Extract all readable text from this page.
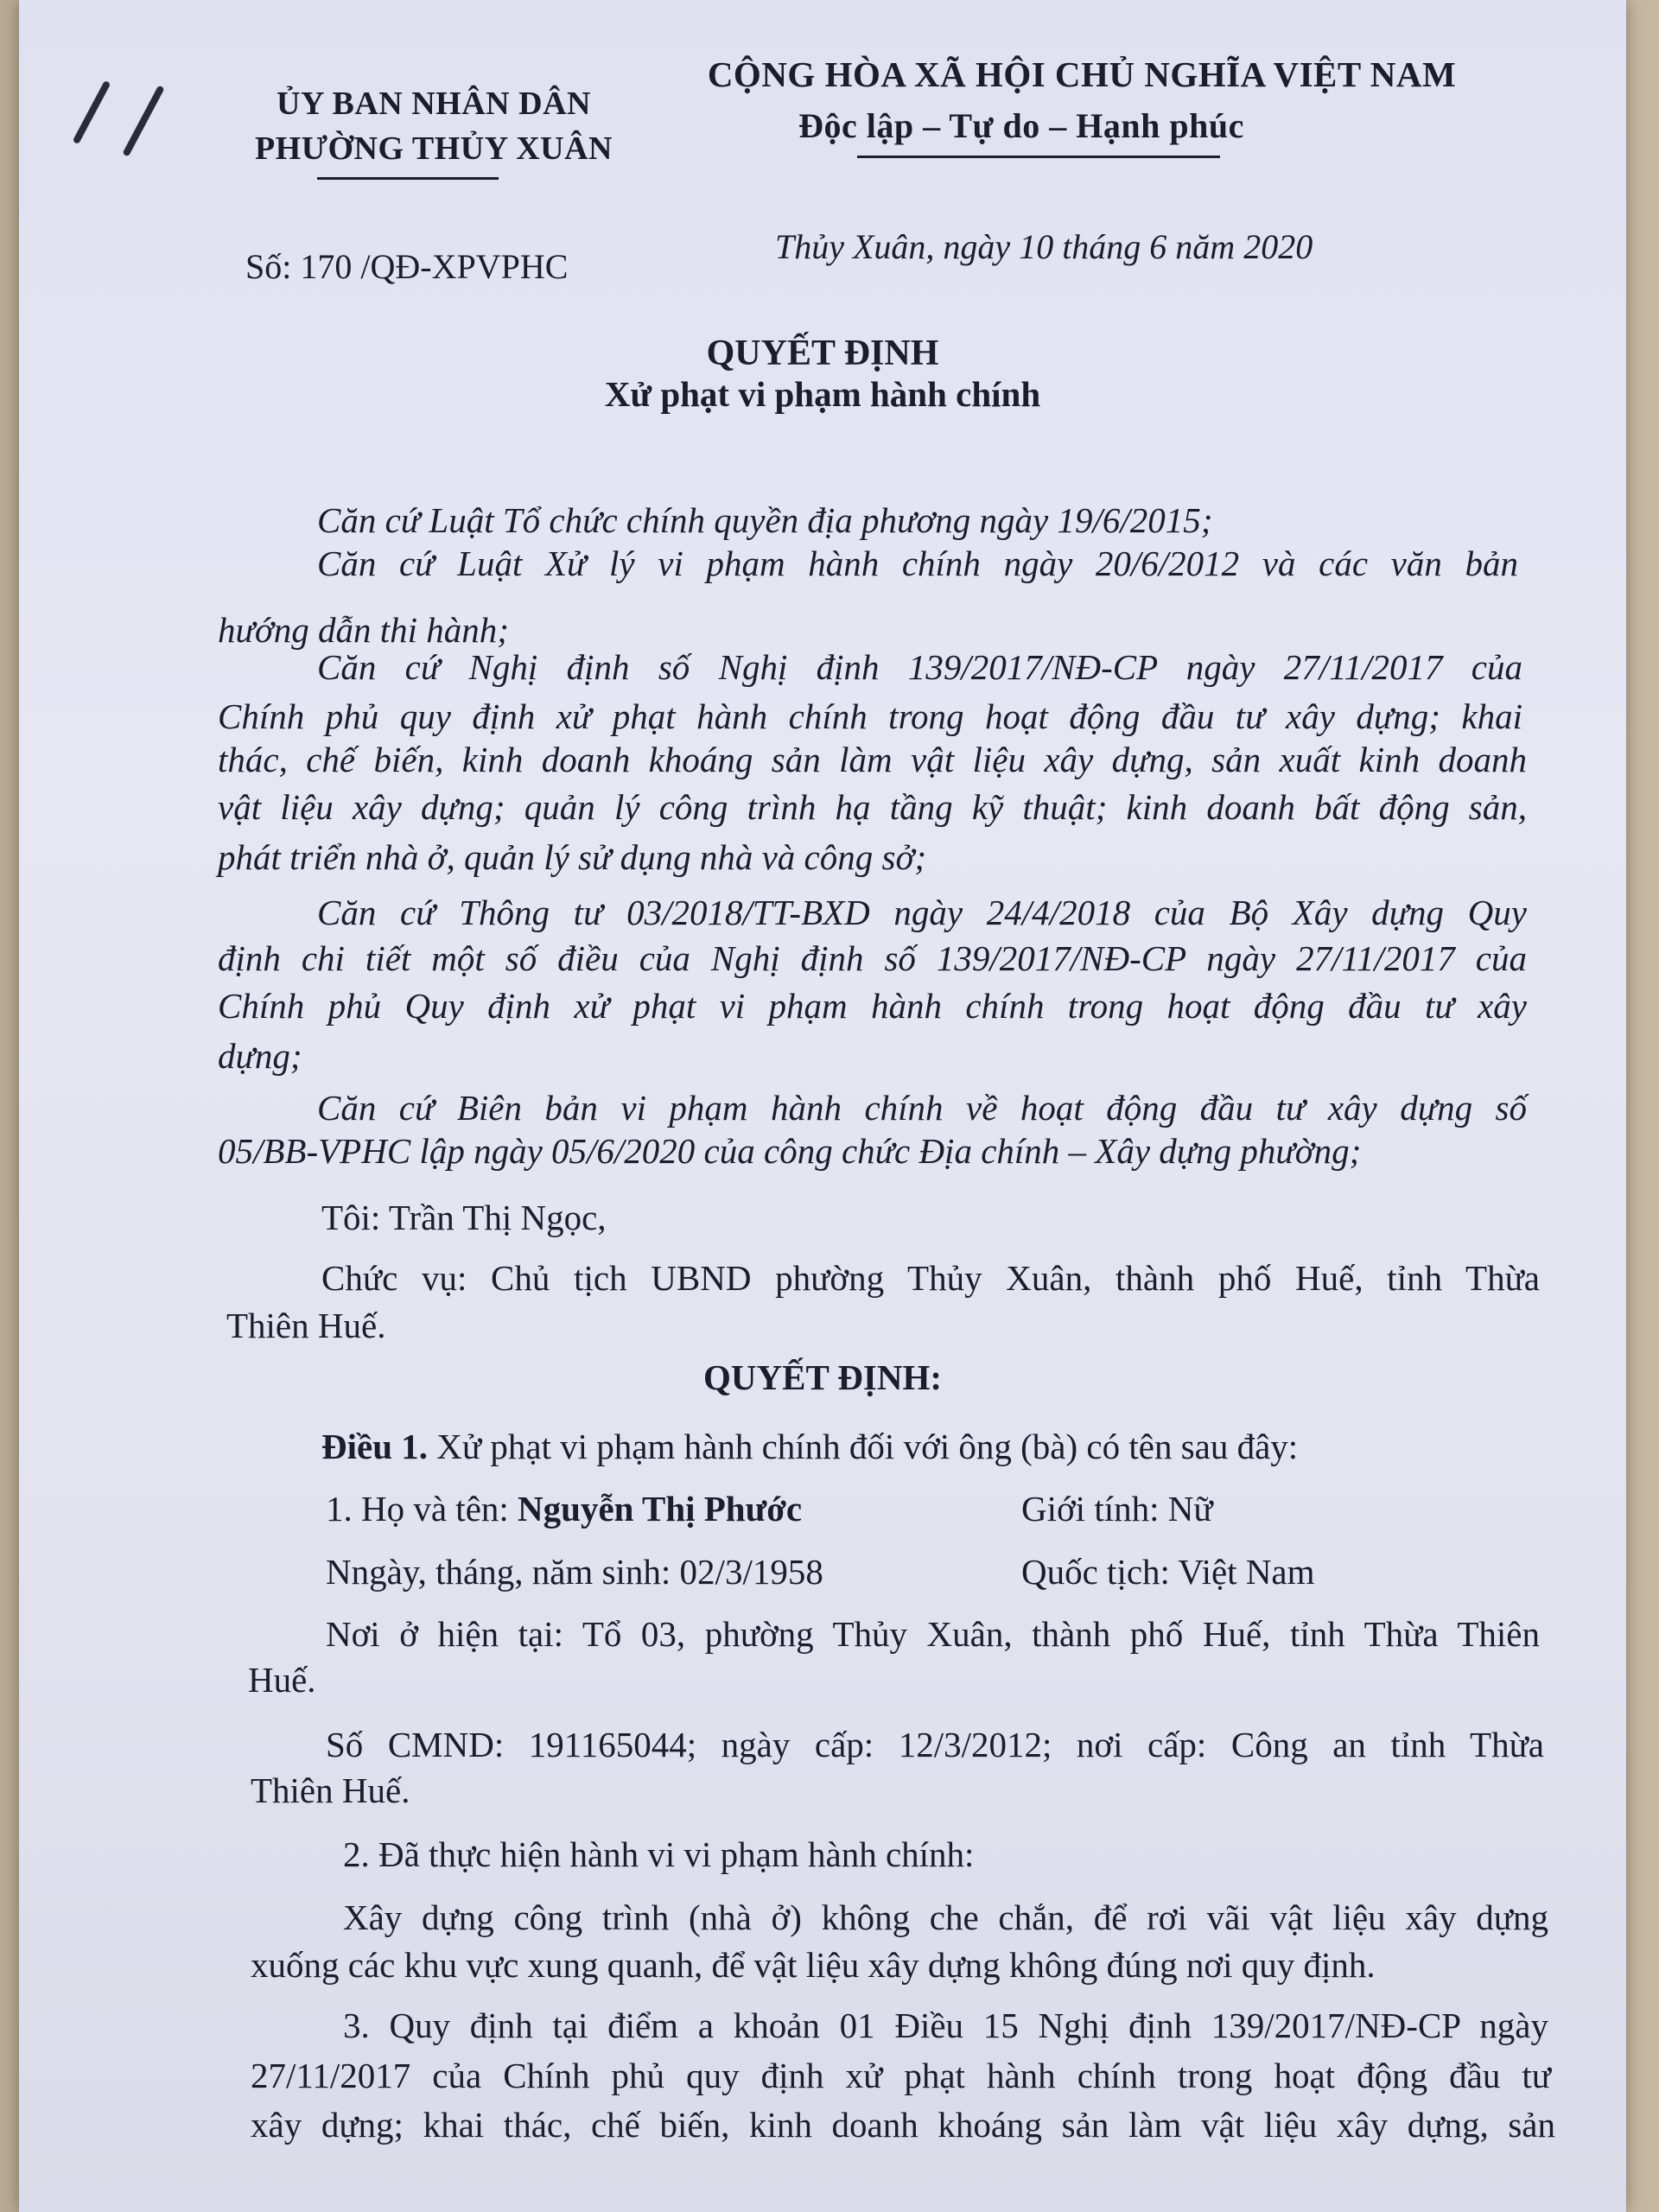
ỦY BAN NHÂN DÂN
PHƯỜNG THỦY XUÂN
CỘNG HÒA XÃ HỘI CHỦ NGHĨA VIỆT NAM
Độc lập – Tự do – Hạnh phúc
Số: 170 /QĐ-XPVPHC
Thủy Xuân, ngày 10 tháng 6 năm 2020
QUYẾT ĐỊNH
Xử phạt vi phạm hành chính
Căn cứ Luật Tổ chức chính quyền địa phương ngày 19/6/2015;
Căn cứ Luật Xử lý vi phạm hành chính ngày 20/6/2012 và các văn bản
hướng dẫn thi hành;
Căn cứ Nghị định số Nghị định 139/2017/NĐ-CP ngày 27/11/2017 của
Chính phủ quy định xử phạt hành chính trong hoạt động đầu tư xây dựng; khai
thác, chế biến, kinh doanh khoáng sản làm vật liệu xây dựng, sản xuất kinh doanh
vật liệu xây dựng; quản lý công trình hạ tầng kỹ thuật; kinh doanh bất động sản,
phát triển nhà ở, quản lý sử dụng nhà và công sở;
Căn cứ Thông tư 03/2018/TT-BXD ngày 24/4/2018 của Bộ Xây dựng Quy
định chi tiết một số điều của Nghị định số 139/2017/NĐ-CP ngày 27/11/2017 của
Chính phủ Quy định xử phạt vi phạm hành chính trong hoạt động đầu tư xây
dựng;
Căn cứ Biên bản vi phạm hành chính về hoạt động đầu tư xây dựng số
05/BB-VPHC lập ngày 05/6/2020 của công chức Địa chính – Xây dựng phường;
Tôi: Trần Thị Ngọc,
Chức vụ: Chủ tịch UBND phường Thủy Xuân, thành phố Huế, tỉnh Thừa
Thiên Huế.
QUYẾT ĐỊNH:
Điều 1. Xử phạt vi phạm hành chính đối với ông (bà) có tên sau đây:
1. Họ và tên: Nguyễn Thị Phước	Giới tính: Nữ
Nngày, tháng, năm sinh: 02/3/1958	Quốc tịch: Việt Nam
Nơi ở hiện tại: Tổ 03, phường Thủy Xuân, thành phố Huế, tỉnh Thừa Thiên
Huế.
Số CMND: 191165044; ngày cấp: 12/3/2012; nơi cấp: Công an tỉnh Thừa
Thiên Huế.
2. Đã thực hiện hành vi vi phạm hành chính:
Xây dựng công trình (nhà ở) không che chắn, để rơi vãi vật liệu xây dựng
xuống các khu vực xung quanh, để vật liệu xây dựng không đúng nơi quy định.
3. Quy định tại điểm a khoản 01 Điều 15 Nghị định 139/2017/NĐ-CP ngày
27/11/2017 của Chính phủ quy định xử phạt hành chính trong hoạt động đầu tư
xây dựng; khai thác, chế biến, kinh doanh khoáng sản làm vật liệu xây dựng, sản
